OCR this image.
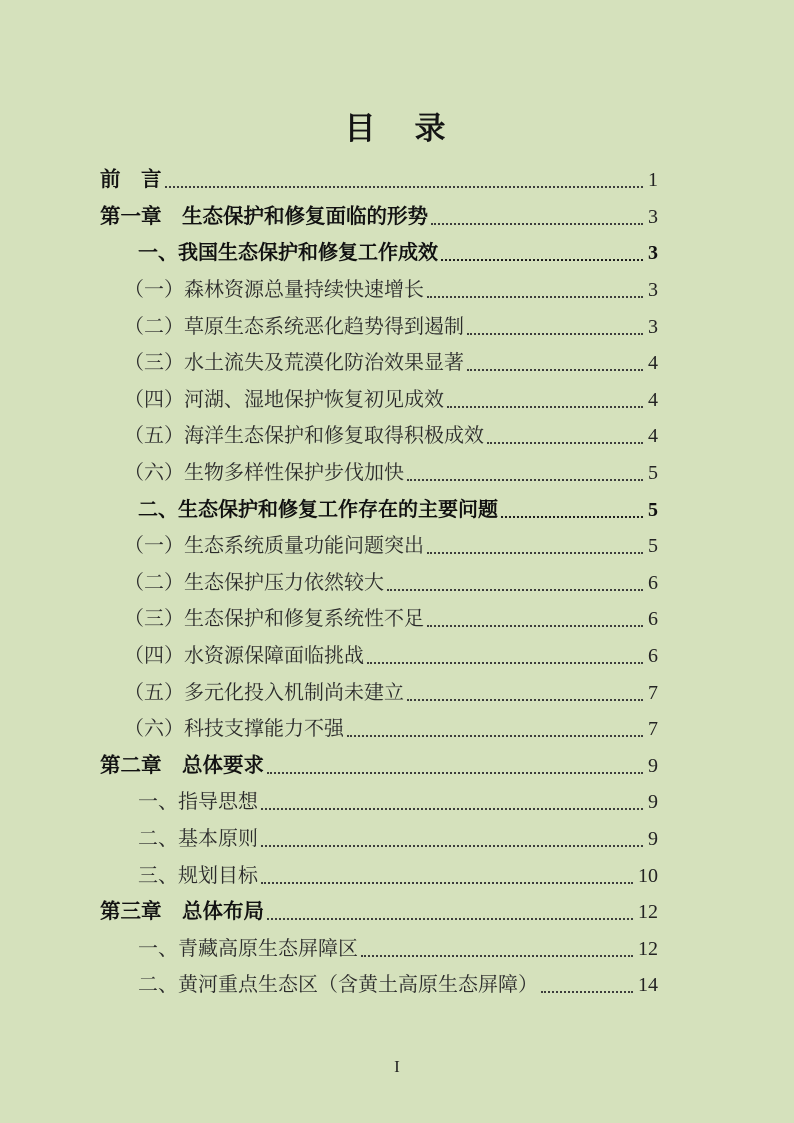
目　录
前　言	1
第一章　生态保护和修复面临的形势	3
一、我国生态保护和修复工作成效	3
（一）森林资源总量持续快速增长	3
（二）草原生态系统恶化趋势得到遏制	3
（三）水土流失及荒漠化防治效果显著	4
（四）河湖、湿地保护恢复初见成效	4
（五）海洋生态保护和修复取得积极成效	4
（六）生物多样性保护步伐加快	5
二、生态保护和修复工作存在的主要问题	5
（一）生态系统质量功能问题突出	5
（二）生态保护压力依然较大	6
（三）生态保护和修复系统性不足	6
（四）水资源保障面临挑战	6
（五）多元化投入机制尚未建立	7
（六）科技支撑能力不强	7
第二章　总体要求	9
一、指导思想	9
二、基本原则	9
三、规划目标	10
第三章　总体布局	12
一、青藏高原生态屏障区	12
二、黄河重点生态区（含黄土高原生态屏障）	14
I
